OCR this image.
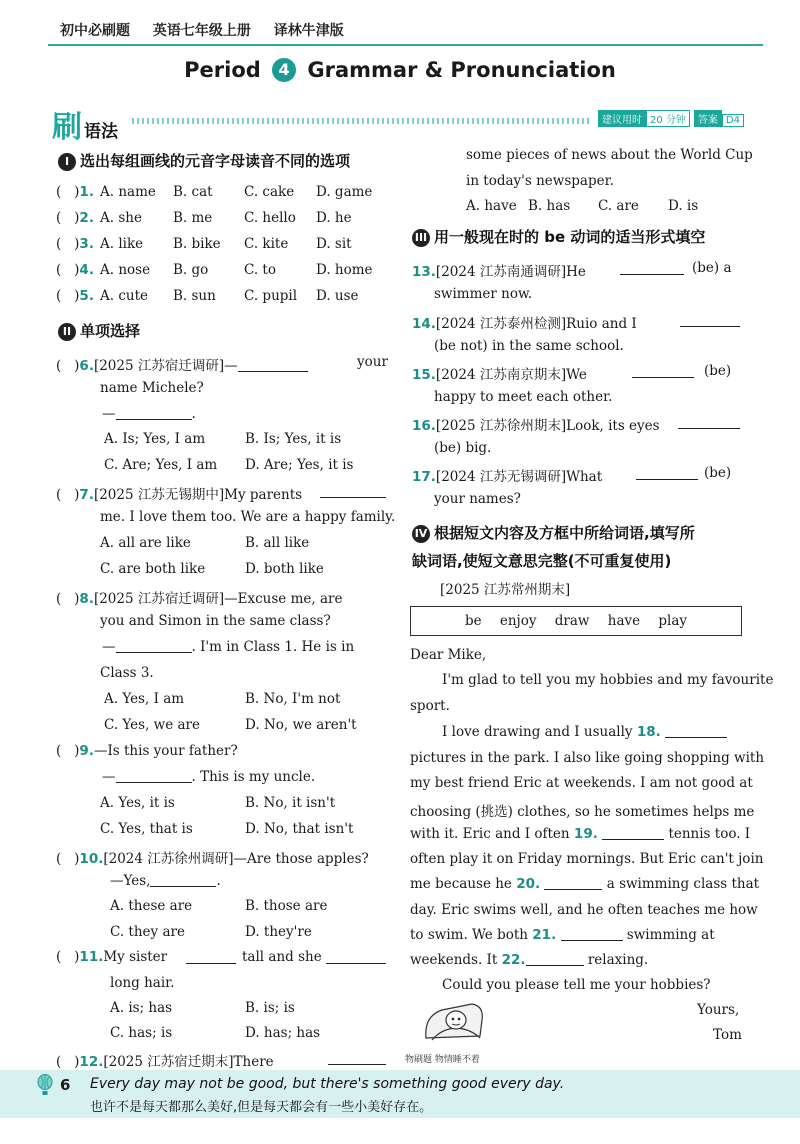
初中必刷题 英语七年级上册 译林牛津版
Period 4 Grammar & Pronunciation
刷语法
建议用时 20 分钟 答案 D4
I 选出每组画线的元音字母读音不同的选项
(   )1. A. name B. cat C. cake D. game
(   )2. A. she B. me C. hello D. he
(   )3. A. like B. bike C. kite D. sit
(   )4. A. nose B. go	C. to	D. home
(   )5. A. cute B. sun C. pupil D. use
II 单项选择
(   )6.[2025 江苏宿迁调研]—	your
name Michele?
—	.
A. Is; Yes, I am	B. Is; Yes, it is
C. Are; Yes, I am D. Are; Yes, it is
(   )7.[2025 江苏无锡期中]My parents
me. I love them too. We are a happy family.
A. all are like	B. all like
C. are both like	D. both like
(   )8.[2025 江苏宿迁调研]—Excuse me, are
you and Simon in the same class?
—	. I'm in Class 1. He is in
Class 3.
A. Yes, I am	B. No, I'm not
C. Yes, we are	D. No, we aren't
(   )9.—Is this your father?
—	. This is my uncle.
A. Yes, it is	B. No, it isn't
C. Yes, that is	D. No, that isn't
(   )10.[2024 江苏徐州调研]—Are those apples?
—Yes,	.
A. these are	B. those are
C. they are	D. they're
(   )11.My sister	tall and she
long hair.
A. is; has	B. is; is
C. has; is	D. has; has
(   )12.[2025 江苏宿迁期末]There
some pieces of news about the World Cup
in today's newspaper.
A. have B. has C. are D. is
III 用一般现在时的 be 动词的适当形式填空
13.[2024 江苏南通调研]He	(be) a
swimmer now.
14.[2024 江苏泰州检测]Ruio and I
(be not) in the same school.
15.[2024 江苏南京期末]We	(be)
happy to meet each other.
16.[2025 江苏徐州期末]Look, its eyes
(be) big.
17.[2024 江苏无锡调研]What	(be)
your names?
IV 根据短文内容及方框中所给词语,填写所
缺词语,使短文意思完整(不可重复使用)
[2025 江苏常州期末]
be enjoy draw have play
Dear Mike,
I'm glad to tell you my hobbies and my favourite
sport.
I love drawing and I usually 18.
pictures in the park. I also like going shopping with
my best friend Eric at weekends. I am not good at
choosing (挑选) clothes, so he sometimes helps me
with it. Eric and I often 19.	tennis too. I
often play it on Friday mornings. But Eric can't join
me because he 20.	a swimming class that
day. Eric swims well, and he often teaches me how
to swim. We both 21.	swimming at
weekends. It 22.	relaxing.
Could you please tell me your hobbies?
Yours,
Tom
物刷题 物情睡不着
6 Every day may not be good, but there's something good every day.
也许不是每天都那么美好,但是每天都会有一些小美好存在。
